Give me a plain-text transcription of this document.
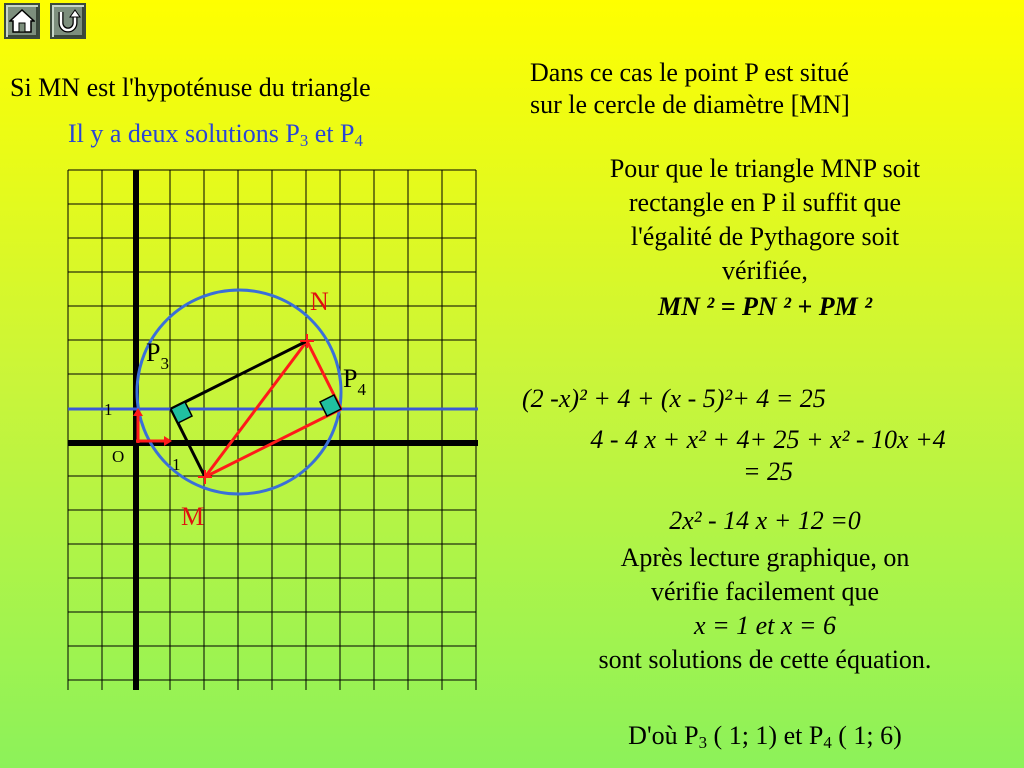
Si MN est l'hypoténuse du triangle
Il y a deux solutions $P_3$ et $P_4$
N
M
$P_3$
$P_4$
O
1
1
Dans ce cas le point P est situé
sur le cercle de diamètre [MN]
Pour que le triangle MNP soit
rectangle en P il suffit que
l'égalité de Pythagore soit
vérifiée,
MN ² = PN ² + PM ²
(2 -x)² + 4 + (x - 5)²+ 4 = 25
4 - 4 x + x² + 4+ 25 + x² - 10x +4
= 25
2x² - 14 x + 12 =0
Après lecture graphique, on
vérifie facilement que
x = 1 et x = 6
sont solutions de cette équation.
D'où $P_3$ ( 1; 1) et $P_4$ ( 1; 6)
